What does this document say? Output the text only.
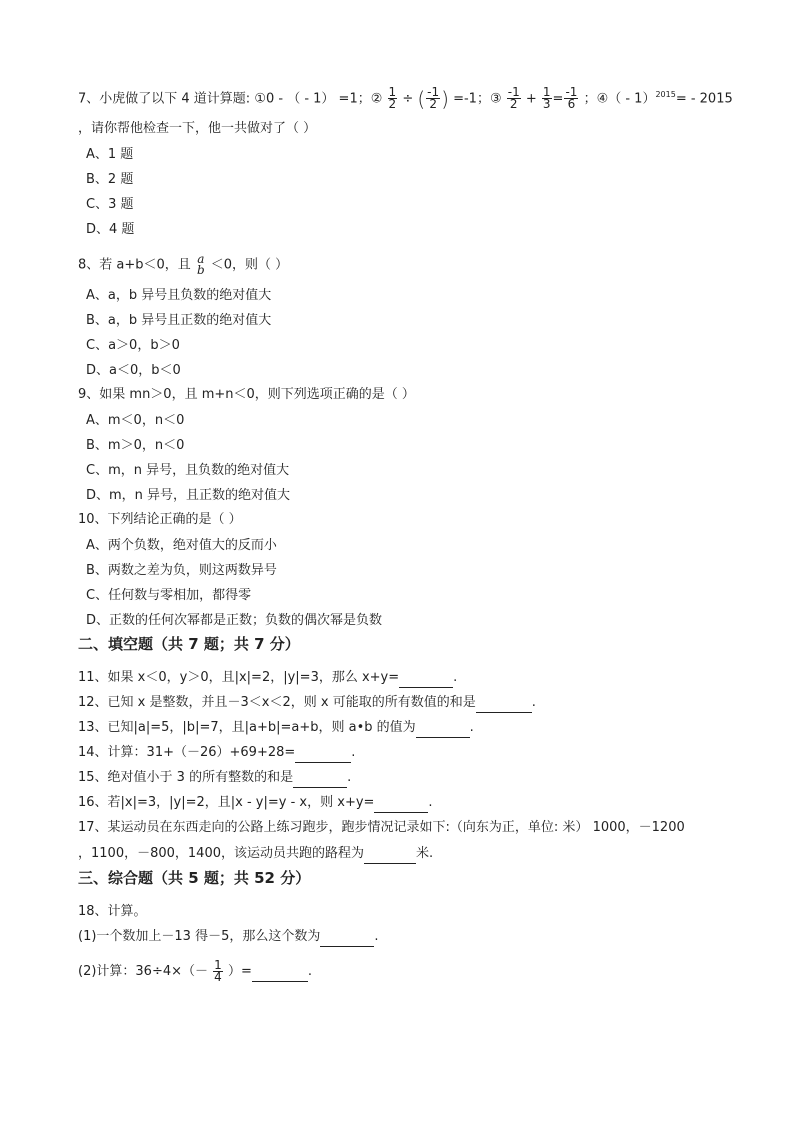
7、小虎做了以下 4 道计算题: ①0 - （ - 1） =1；② $\frac{1}{2}$ ÷ ( $\frac{-1}{2}$ ) =-1；③ $\frac{-1}{2} + \frac{1}{3} = \frac{-1}{6}$ ；④（ - 1）$^{2015}$= - 2015
，请你帮他检查一下，他一共做对了（ ）
A、1 题
B、2 题
C、3 题
D、4 题
8、若 a+b＜0，且 a
b ＜0，则（ ）
A、a，b 异号且负数的绝对值大
B、a，b 异号且正数的绝对值大
C、a＞0，b＞0
D、a＜0，b＜0
9、如果 mn＞0，且 m+n＜0，则下列选项正确的是（ ）
A、m＜0，n＜0
B、m＞0，n＜0
C、m，n 异号，且负数的绝对值大
D、m，n 异号，且正数的绝对值大
10、下列结论正确的是（ ）
A、两个负数，绝对值大的反而小
B、两数之差为负，则这两数异号
C、任何数与零相加，都得零
D、正数的任何次幂都是正数；负数的偶次幂是负数
二、填空题（共 7 题；共 7 分）
11、如果 x＜0，y＞0，且|x|=2，|y|=3，那么 x+y=	.
12、已知 x 是整数，并且－3＜x＜2，则 x 可能取的所有数值的和是	.
13、已知|a|=5，|b|=7，且|a+b|=a+b，则 a•b 的值为	.
14、计算：31+（－26）+69+28=	.
15、绝对值小于 3 的所有整数的和是	.
16、若|x|=3，|y|=2，且|x - y|=y - x，则 x+y=	.
17、某运动员在东西走向的公路上练习跑步，跑步情况记录如下:（向东为正，单位: 米） 1000，－1200
，1100，－800，1400，该运动员共跑的路程为	米.
三、综合题（共 5 题；共 52 分）
18、计算。
(1)一个数加上－13 得－5，那么这个数为	.
(2)计算：$36\div 4\times(- \frac{1}{4}$ ）=	.
